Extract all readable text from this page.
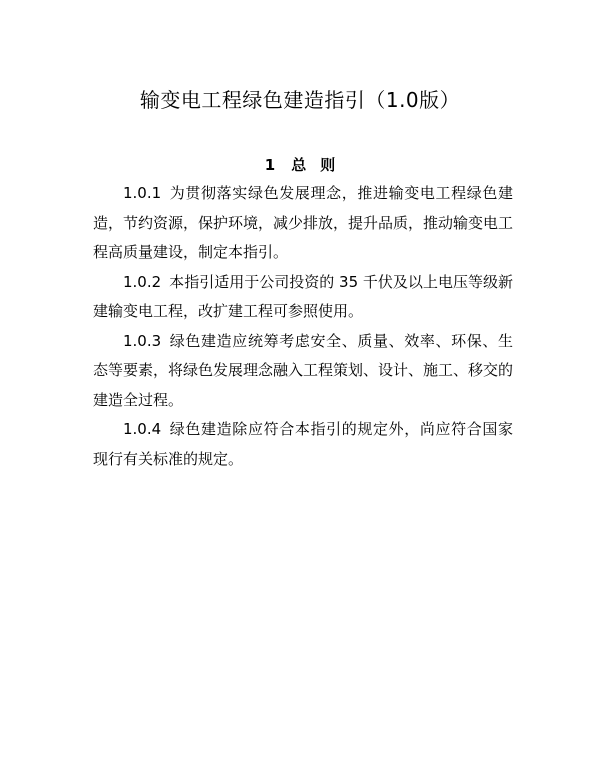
输变电工程绿色建造指引（1.0版）
1 总 则

1.0.1 为贯彻落实绿色发展理念，推进输变电工程绿色建造，节约资源，保护环境，减少排放，提升品质，推动输变电工程高质量建设，制定本指引。

1.0.2 本指引适用于公司投资的 35 千伏及以上电压等级新建输变电工程，改扩建工程可参照使用。

1.0.3 绿色建造应统筹考虑安全、质量、效率、环保、生态等要素，将绿色发展理念融入工程策划、设计、施工、移交的建造全过程。

1.0.4 绿色建造除应符合本指引的规定外，尚应符合国家现行有关标准的规定。
